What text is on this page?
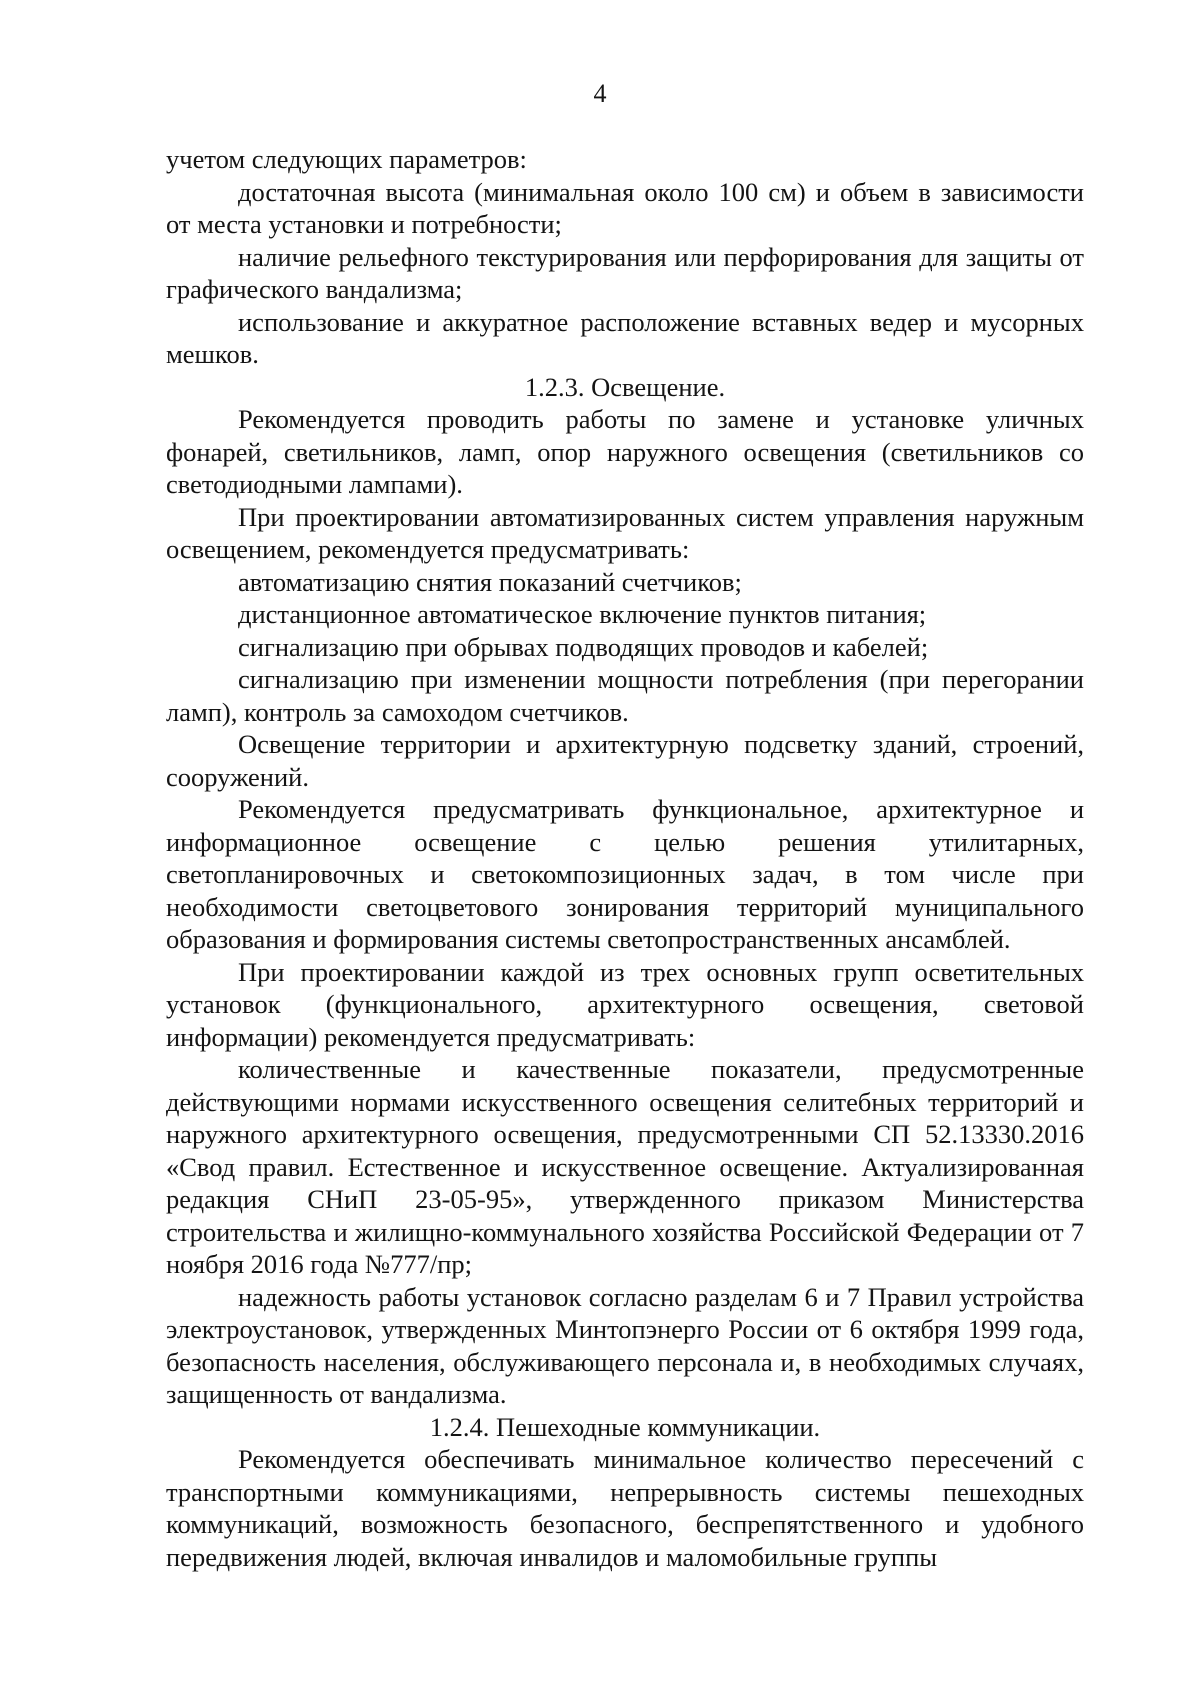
4

учетом следующих параметров:

достаточная высота (минимальная около 100 см) и объем в зависимости от места установки и потребности;

наличие рельефного текстурирования или перфорирования для защиты от графического вандализма;

использование и аккуратное расположение вставных ведер и мусорных мешков.

1.2.3. Освещение.

Рекомендуется проводить работы по замене и установке уличных фонарей, светильников, ламп, опор наружного освещения (светильников со светодиодными лампами).

При проектировании автоматизированных систем управления наружным освещением, рекомендуется предусматривать:

автоматизацию снятия показаний счетчиков;

дистанционное автоматическое включение пунктов питания;

сигнализацию при обрывах подводящих проводов и кабелей;

сигнализацию при изменении мощности потребления (при перегорании ламп), контроль за самоходом счетчиков.

Освещение территории и архитектурную подсветку зданий, строений, сооружений.

Рекомендуется предусматривать функциональное, архитектурное и информационное освещение с целью решения утилитарных, светопланировочных и светокомпозиционных задач, в том числе при необходимости светоцветового зонирования территорий муниципального образования и формирования системы светопространственных ансамблей.

При проектировании каждой из трех основных групп осветительных установок (функционального, архитектурного освещения, световой информации) рекомендуется предусматривать:

количественные и качественные показатели, предусмотренные действующими нормами искусственного освещения селитебных территорий и наружного архитектурного освещения, предусмотренными СП 52.13330.2016 «Свод правил. Естественное и искусственное освещение. Актуализированная редакция СНиП 23-05-95», утвержденного приказом Министерства строительства и жилищно-коммунального хозяйства Российской Федерации от 7 ноября 2016 года №777/пр;

надежность работы установок согласно разделам 6 и 7 Правил устройства электроустановок, утвержденных Минтопэнерго России от 6 октября 1999 года, безопасность населения, обслуживающего персонала и, в необходимых случаях, защищенность от вандализма.

1.2.4. Пешеходные коммуникации.

Рекомендуется обеспечивать минимальное количество пересечений с транспортными коммуникациями, непрерывность системы пешеходных коммуникаций, возможность безопасного, беспрепятственного и удобного передвижения людей, включая инвалидов и маломобильные группы
